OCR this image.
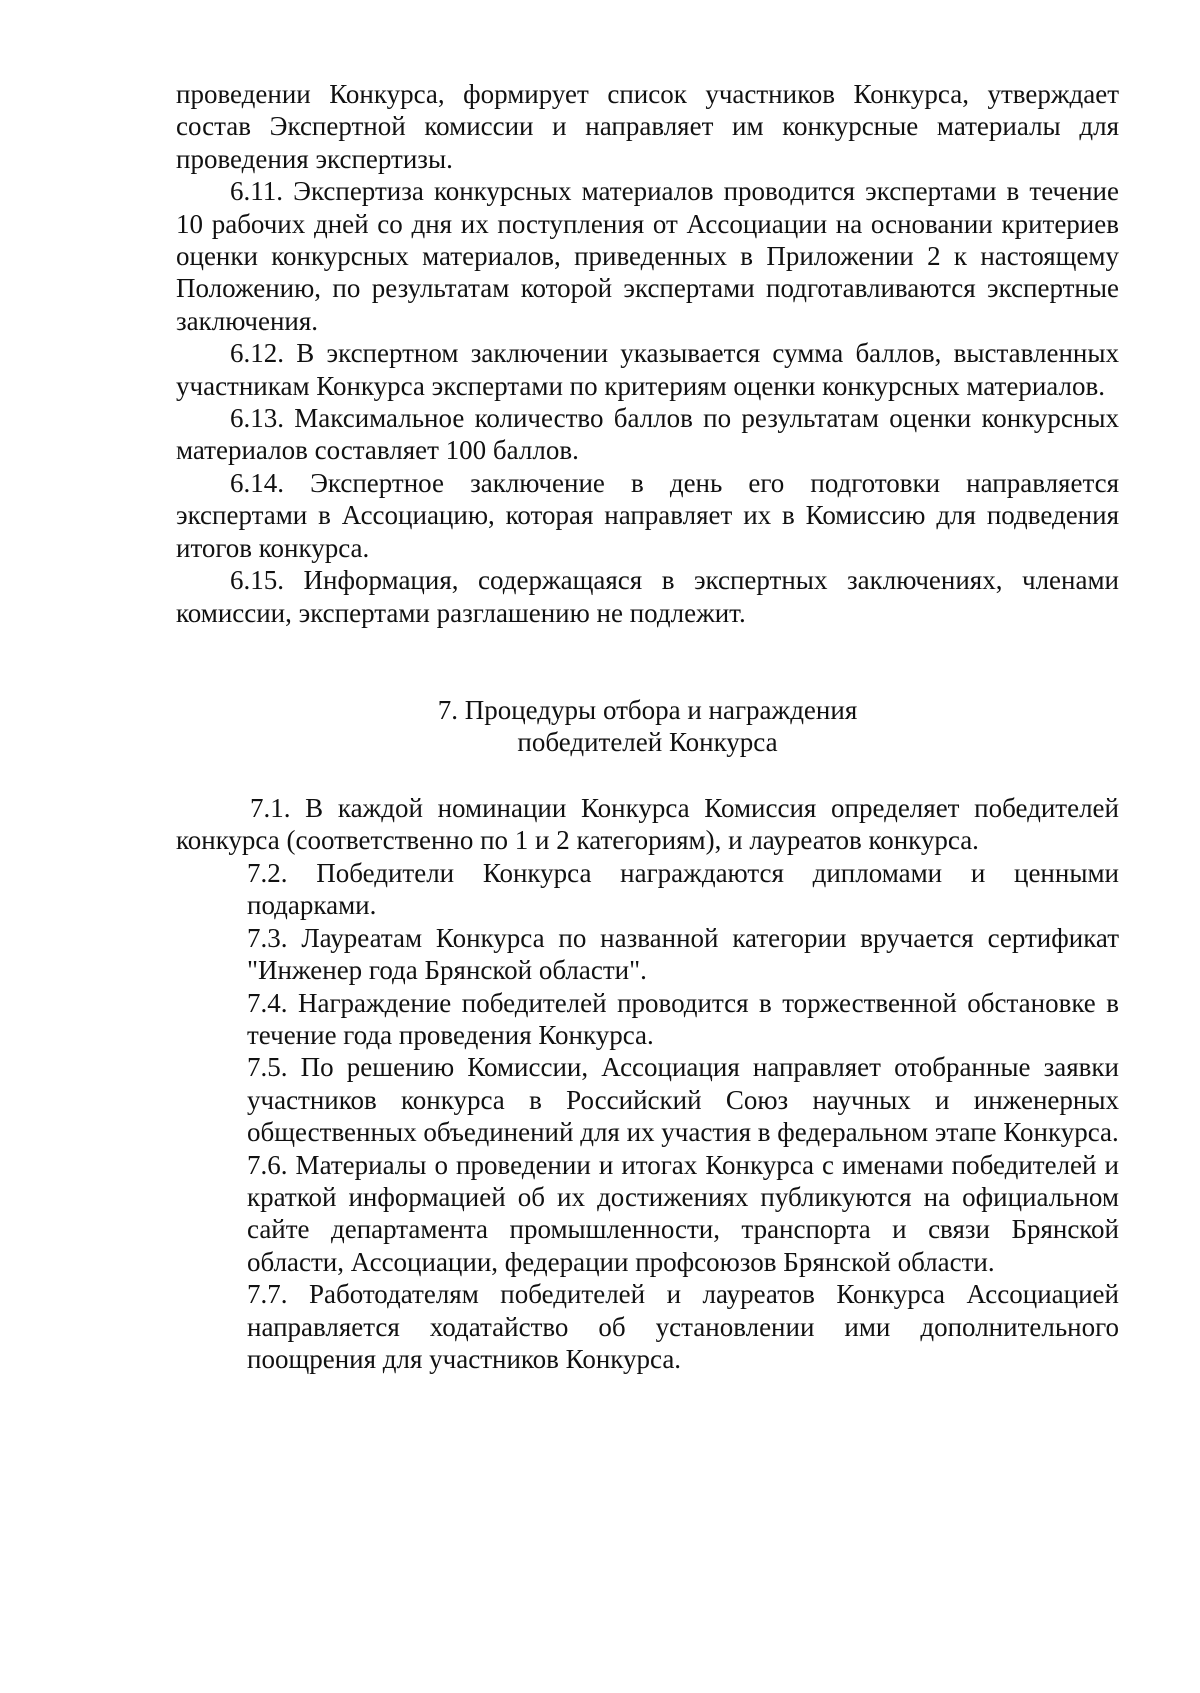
проведении Конкурса, формирует список участников Конкурса, утверждает состав Экспертной комиссии и направляет им конкурсные материалы для проведения экспертизы.

6.11. Экспертиза конкурсных материалов проводится экспертами в течение 10 рабочих дней со дня их поступления от Ассоциации на основании критериев оценки конкурсных материалов, приведенных в Приложении 2 к настоящему Положению, по результатам которой экспертами подготавливаются экспертные заключения.

6.12. В экспертном заключении указывается сумма баллов, выставленных участникам Конкурса экспертами по критериям оценки конкурсных материалов.

6.13. Максимальное количество баллов по результатам оценки конкурсных материалов составляет 100 баллов.

6.14. Экспертное заключение в день его подготовки направляется экспертами в Ассоциацию, которая направляет их в Комиссию для подведения итогов конкурса.

6.15. Информация, содержащаяся в экспертных заключениях, членами комиссии, экспертами разглашению не подлежит.

7. Процедуры отбора и награждения
победителей Конкурса

7.1. В каждой номинации Конкурса Комиссия определяет победителей конкурса (соответственно по 1 и 2 категориям), и лауреатов конкурса.

7.2. Победители Конкурса награждаются дипломами и ценными подарками.

7.3. Лауреатам Конкурса по названной категории вручается сертификат "Инженер года Брянской области".

7.4. Награждение победителей проводится в торжественной обстановке в течение года проведения Конкурса.

7.5. По решению Комиссии, Ассоциация направляет отобранные заявки участников конкурса в Российский Союз научных и инженерных общественных объединений для их участия в федеральном этапе Конкурса.

7.6. Материалы о проведении и итогах Конкурса с именами победителей и краткой информацией об их достижениях публикуются на официальном сайте департамента промышленности, транспорта и связи Брянской области, Ассоциации, федерации профсоюзов Брянской области.

7.7. Работодателям победителей и лауреатов Конкурса Ассоциацией направляется ходатайство об установлении ими дополнительного поощрения для участников Конкурса.
